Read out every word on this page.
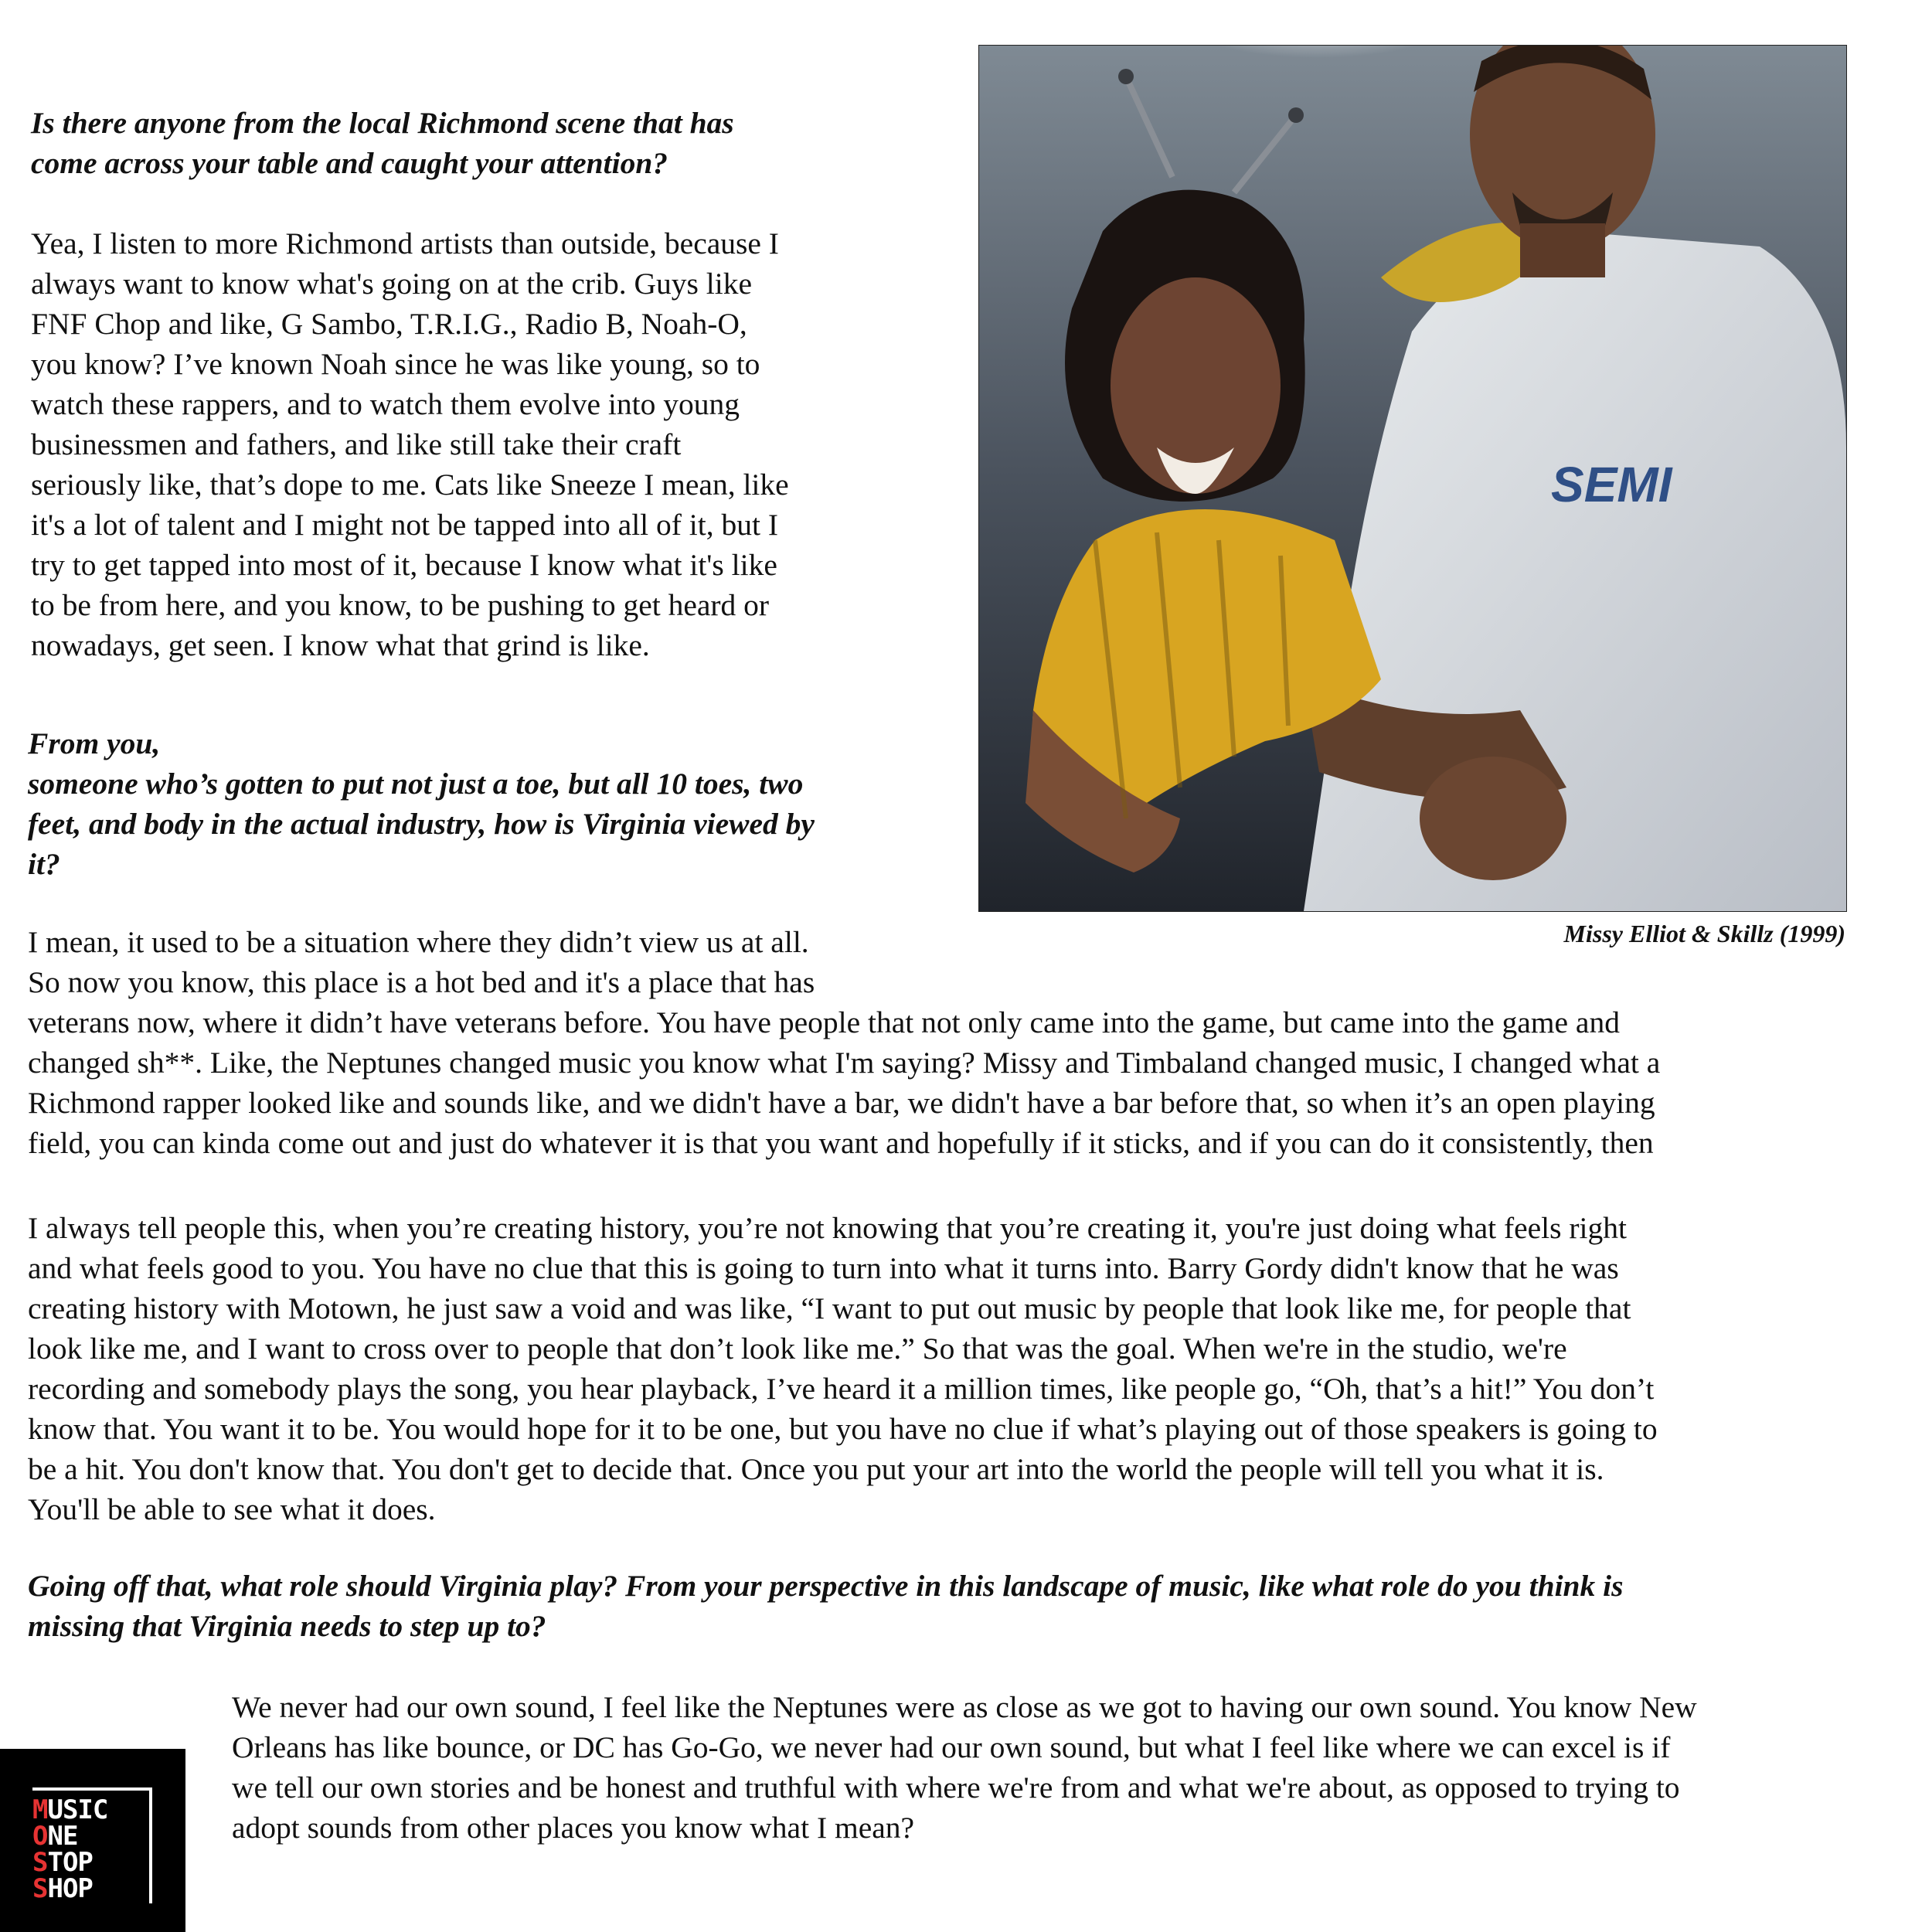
Is there anyone from the local Richmond scene that has
come across your table and caught your attention?
Yea, I listen to more Richmond artists than outside, because I
always want to know what's going on at the crib. Guys like
FNF Chop and like, G Sambo, T.R.I.G., Radio B, Noah-O,
you know? I’ve known Noah since he was like young, so to
watch these rappers, and to watch them evolve into young
businessmen and fathers, and like still take their craft
seriously like, that’s dope to me. Cats like Sneeze I mean, like
it's a lot of talent and I might not be tapped into all of it, but I
try to get tapped into most of it, because I know what it's like
to be from here, and you know, to be pushing to get heard or
nowadays, get seen. I know what that grind is like.
From you,
someone who’s gotten to put not just a toe, but all 10 toes, two
feet, and body in the actual industry, how is Virginia viewed by
it?
I mean, it used to be a situation where they didn’t view us at all.
So now you know, this place is a hot bed and it's a place that has
veterans now, where it didn’t have veterans before. You have people that not only came into the game, but came into the game and
changed sh**. Like, the Neptunes changed music you know what I'm saying? Missy and Timbaland changed music, I changed what a
Richmond rapper looked like and sounds like, and we didn't have a bar, we didn't have a bar before that, so when it’s an open playing
field, you can kinda come out and just do whatever it is that you want and hopefully if it sticks, and if you can do it consistently, then
I always tell people this, when you’re creating history, you’re not knowing that you’re creating it, you're just doing what feels right
and what feels good to you. You have no clue that this is going to turn into what it turns into. Barry Gordy didn't know that he was
creating history with Motown, he just saw a void and was like, “I want to put out music by people that look like me, for people that
look like me, and I want to cross over to people that don’t look like me.” So that was the goal. When we're in the studio, we're
recording and somebody plays the song, you hear playback, I’ve heard it a million times, like people go, “Oh, that’s a hit!” You don’t
know that. You want it to be. You would hope for it to be one, but you have no clue if what’s playing out of those speakers is going to
be a hit. You don't know that. You don't get to decide that. Once you put your art into the world the people will tell you what it is.
You'll be able to see what it does.
Going off that, what role should Virginia play? From your perspective in this landscape of music, like what role do you think is
missing that Virginia needs to step up to?
We never had our own sound, I feel like the Neptunes were as close as we got to having our own sound. You know New
Orleans has like bounce, or DC has Go-Go, we never had our own sound, but what I feel like where we can excel is if
we tell our own stories and be honest and truthful with where we're from and what we're about, as opposed to trying to
adopt sounds from other places you know what I mean?
SEMI
Missy Elliot & Skillz (1999)
MUSIC
ONE
STOP
SHOP
